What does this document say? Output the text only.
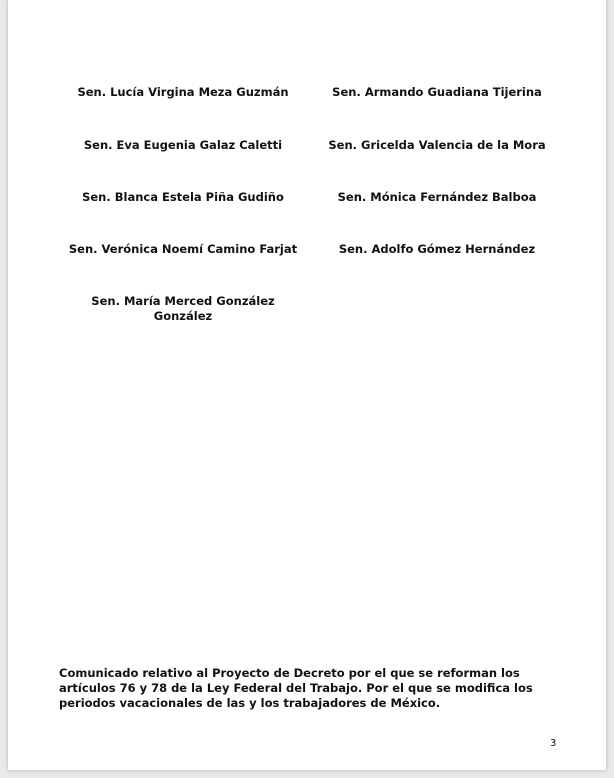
Sen. Lucía Virgina Meza Guzmán	Sen. Armando Guadiana Tijerina
Sen. Eva Eugenia Galaz Caletti	Sen. Gricelda Valencia de la Mora
Sen. Blanca Estela Piña Gudiño	Sen. Mónica Fernández Balboa
Sen. Verónica Noemí Camino Farjat	Sen. Adolfo Gómez Hernández
Sen. María Merced González González
Comunicado relativo al Proyecto de Decreto por el que se reforman los artículos 76 y 78 de la Ley Federal del Trabajo. Por el que se modifica los periodos vacacionales de las y los trabajadores de México.
3
